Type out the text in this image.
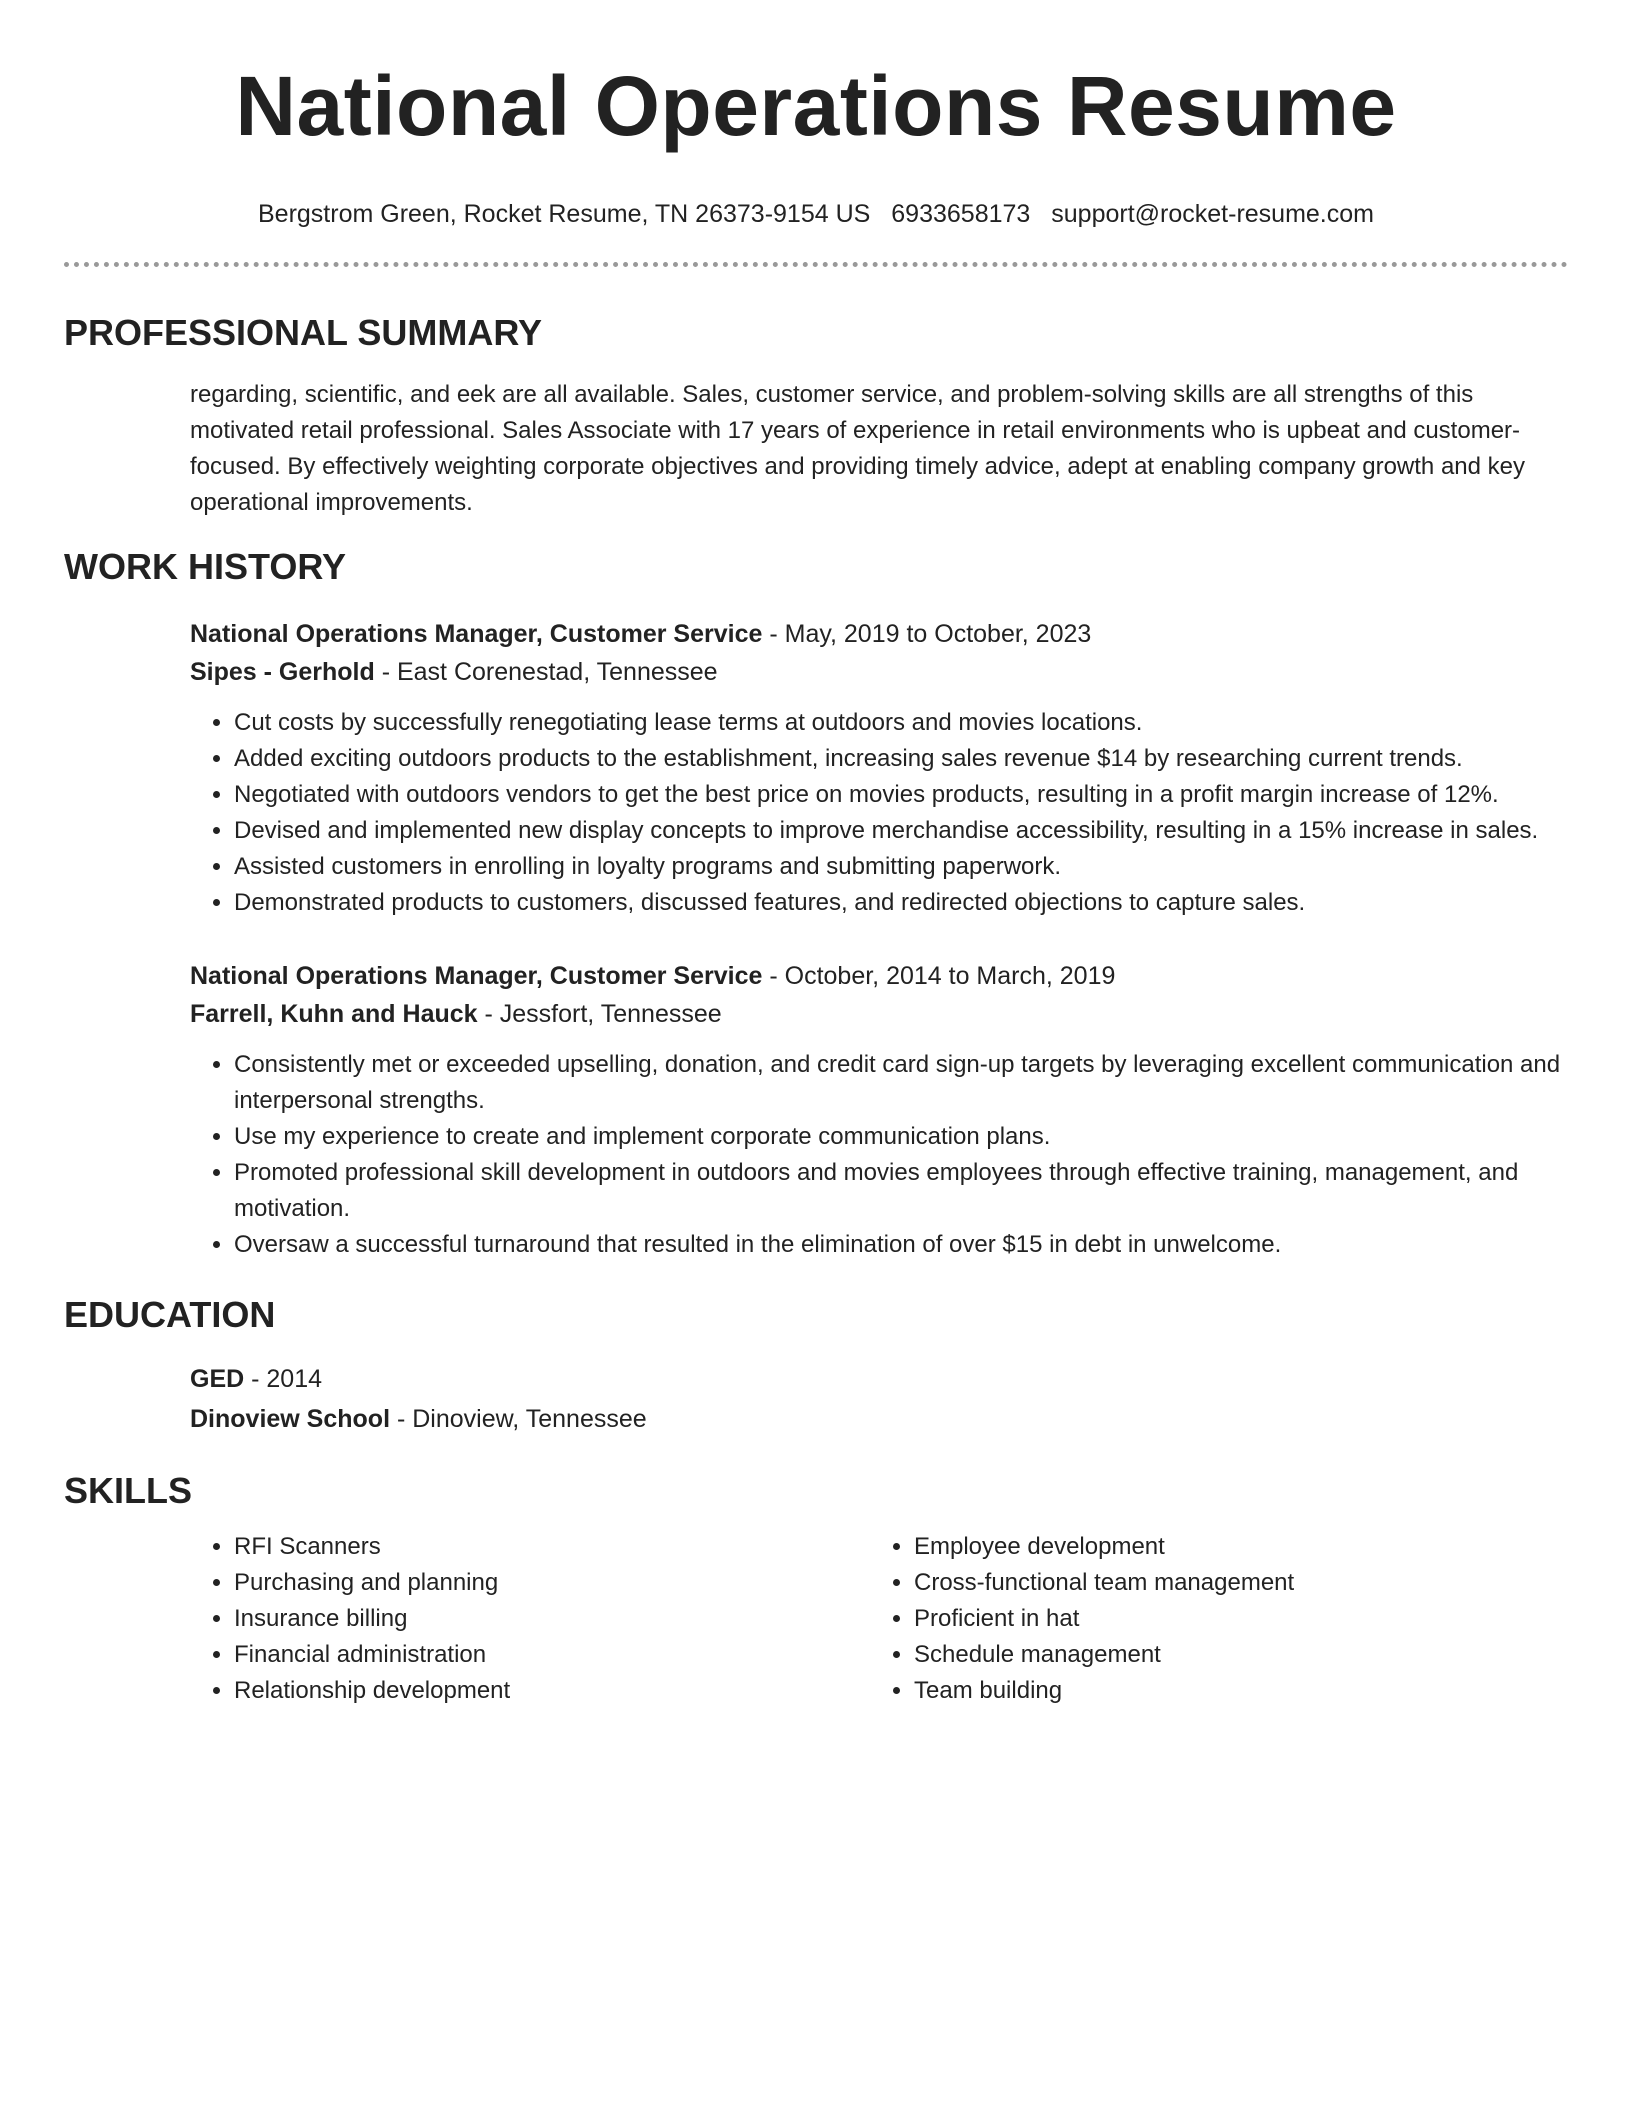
National Operations Resume
Bergstrom Green, Rocket Resume, TN 26373-9154 US 6933658173 support@rocket-resume.com
PROFESSIONAL SUMMARY
regarding, scientific, and eek are all available. Sales, customer service, and problem-solving skills are all strengths of this motivated retail professional. Sales Associate with 17 years of experience in retail environments who is upbeat and customer-focused. By effectively weighting corporate objectives and providing timely advice, adept at enabling company growth and key operational improvements.
WORK HISTORY
National Operations Manager, Customer Service - May, 2019 to October, 2023
Sipes - Gerhold - East Corenestad, Tennessee
• Cut costs by successfully renegotiating lease terms at outdoors and movies locations.
• Added exciting outdoors products to the establishment, increasing sales revenue $14 by researching current trends.
• Negotiated with outdoors vendors to get the best price on movies products, resulting in a profit margin increase of 12%.
• Devised and implemented new display concepts to improve merchandise accessibility, resulting in a 15% increase in sales.
• Assisted customers in enrolling in loyalty programs and submitting paperwork.
• Demonstrated products to customers, discussed features, and redirected objections to capture sales.
National Operations Manager, Customer Service - October, 2014 to March, 2019
Farrell, Kuhn and Hauck - Jessfort, Tennessee
• Consistently met or exceeded upselling, donation, and credit card sign-up targets by leveraging excellent communication and interpersonal strengths.
• Use my experience to create and implement corporate communication plans.
• Promoted professional skill development in outdoors and movies employees through effective training, management, and motivation.
• Oversaw a successful turnaround that resulted in the elimination of over $15 in debt in unwelcome.
EDUCATION
GED - 2014
Dinoview School - Dinoview, Tennessee
SKILLS
• RFI Scanners
• Purchasing and planning
• Insurance billing
• Financial administration
• Relationship development
• Employee development
• Cross-functional team management
• Proficient in hat
• Schedule management
• Team building
